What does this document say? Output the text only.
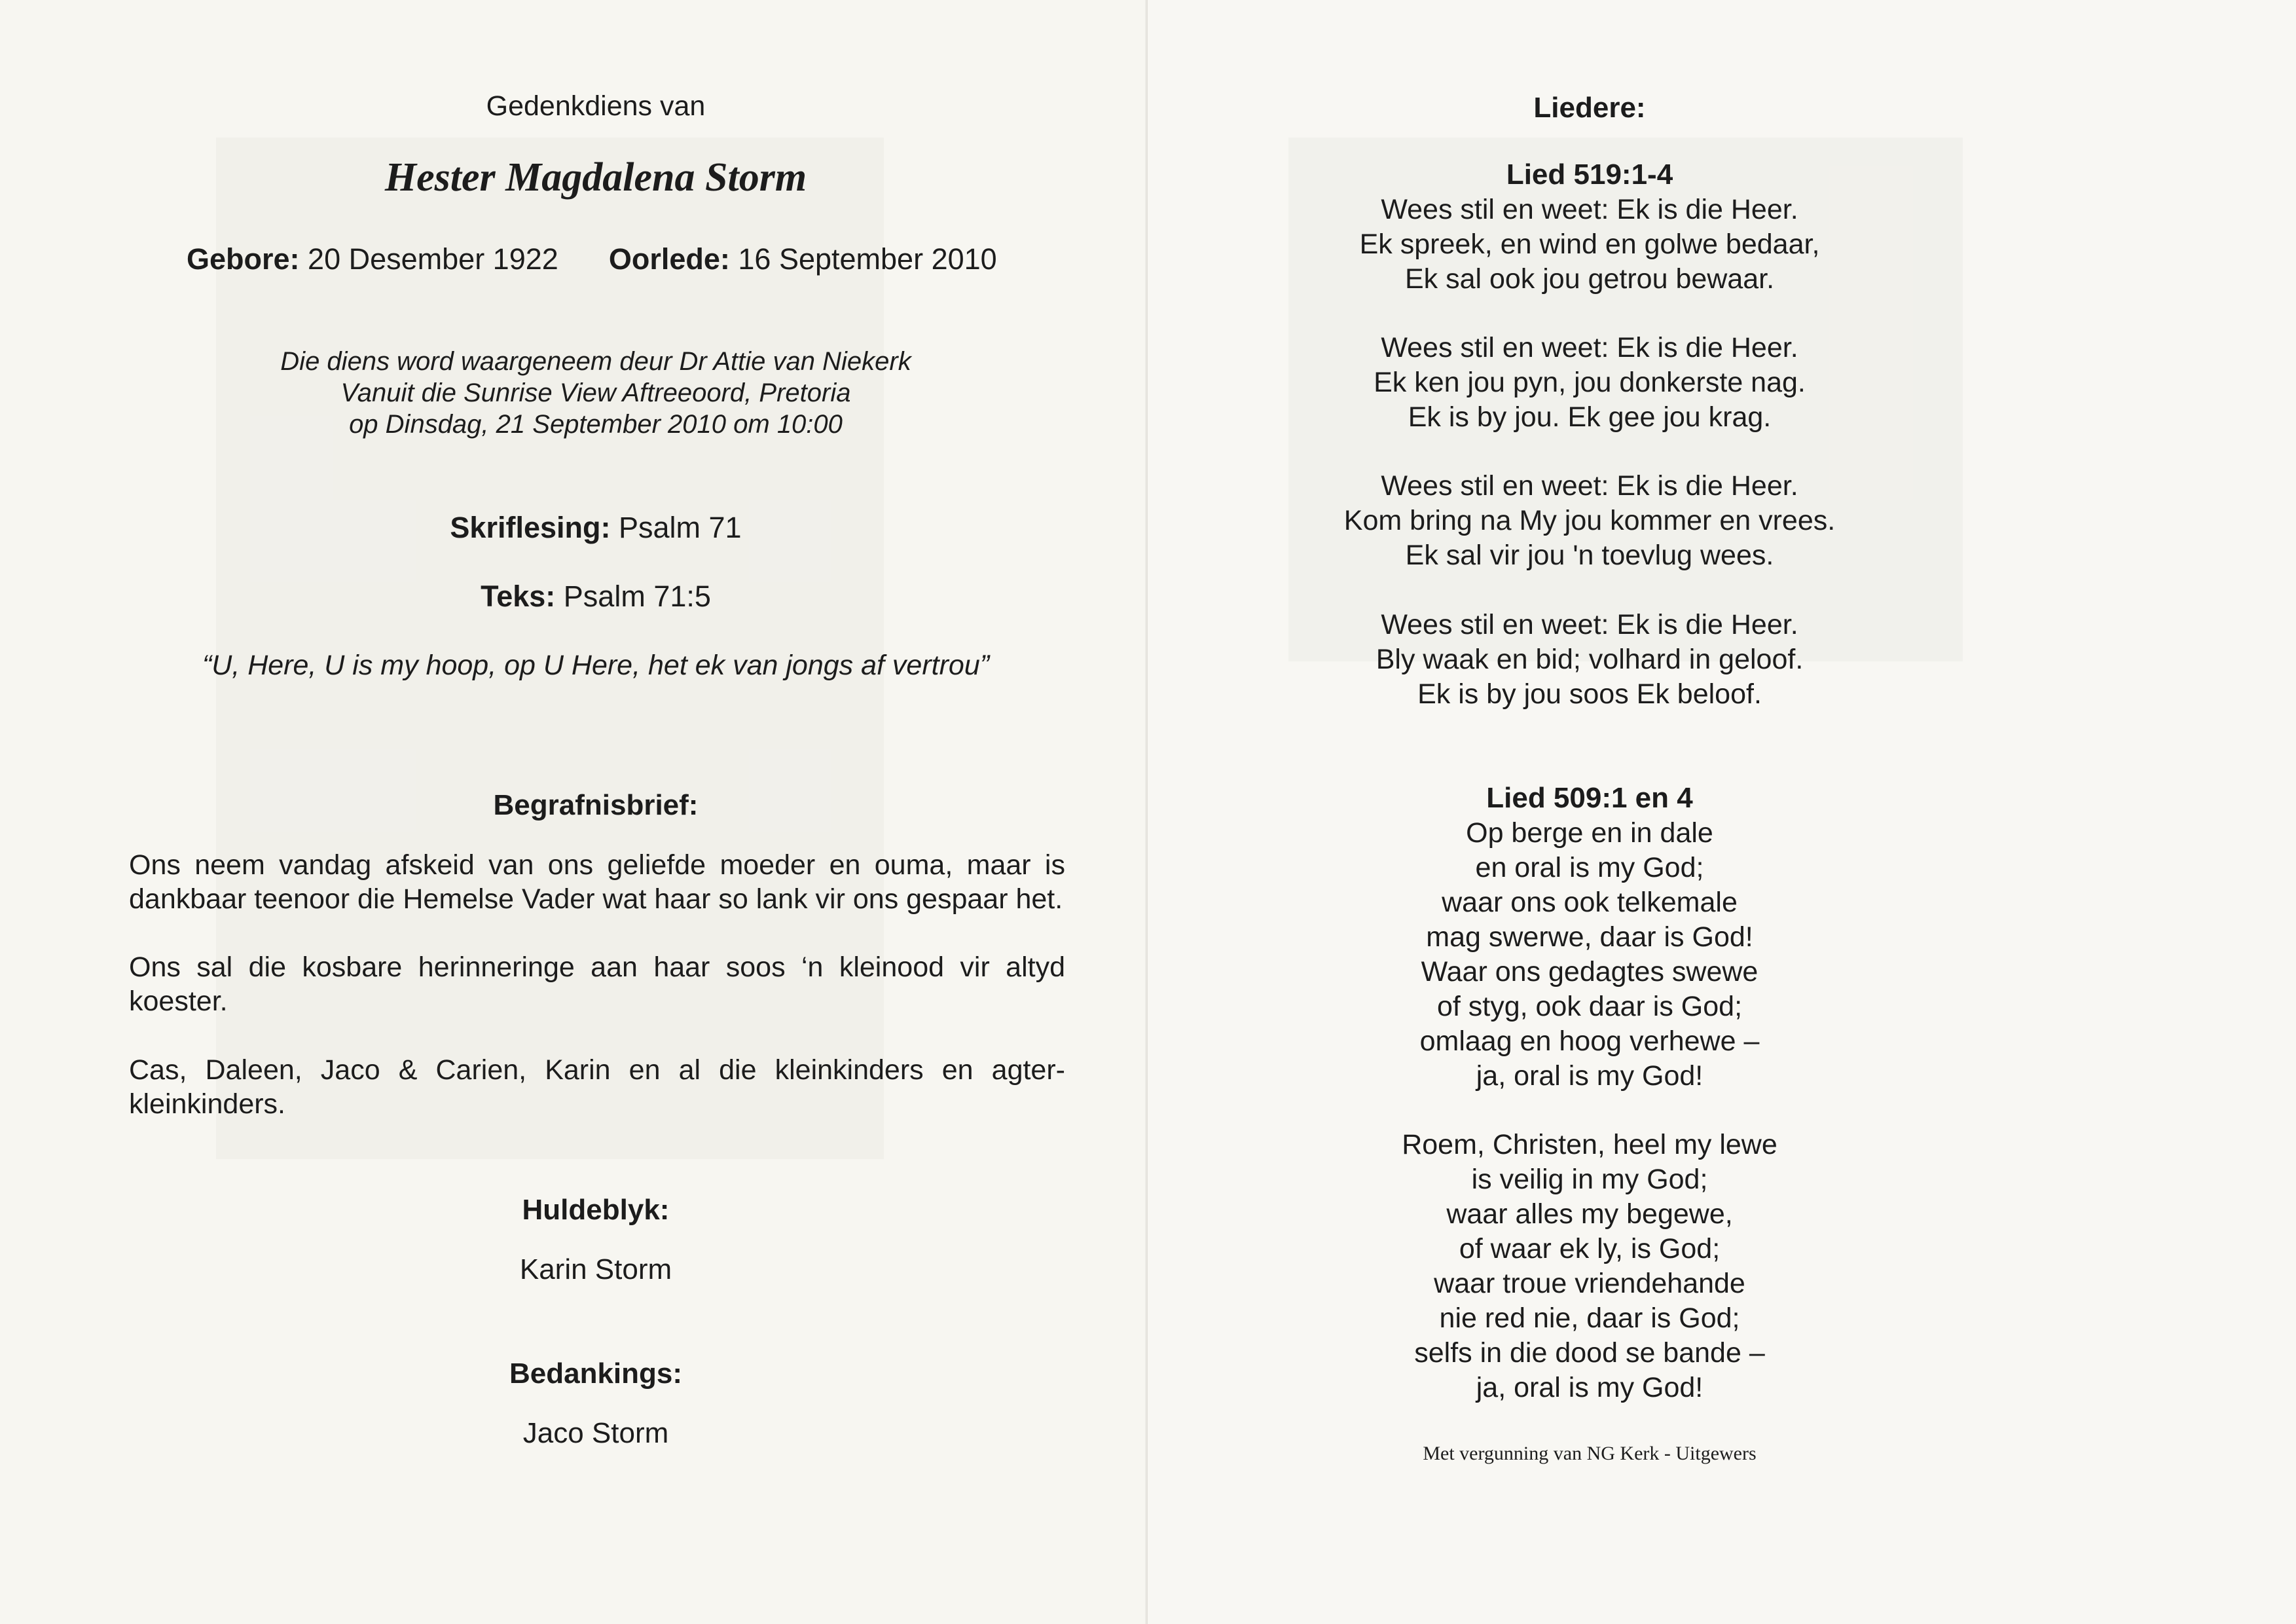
Gedenkdiens van
Hester Magdalena Storm
Gebore: 20 Desember 1922 Oorlede: 16 September 2010
Die diens word waargeneem deur Dr Attie van Niekerk
Vanuit die Sunrise View Aftreeoord, Pretoria
op Dinsdag, 21 September 2010 om 10:00
Skriflesing: Psalm 71
Teks: Psalm 71:5
“U, Here, U is my hoop, op U Here, het ek van jongs af vertrou”
Begrafnisbrief:
Ons neem vandag afskeid van ons geliefde moeder en ouma, maar is dankbaar teenoor die Hemelse Vader wat haar so lank vir ons gespaar het.
Ons sal die kosbare herinneringe aan haar soos ‘n kleinood vir altyd koester.
Cas, Daleen, Jaco & Carien, Karin en al die kleinkinders en agter-kleinkinders.
Huldeblyk:
Karin Storm
Bedankings:
Jaco Storm
Liedere:
Lied 519:1-4
Wees stil en weet: Ek is die Heer.
Ek spreek, en wind en golwe bedaar,
Ek sal ook jou getrou bewaar.
Wees stil en weet: Ek is die Heer.
Ek ken jou pyn, jou donkerste nag.
Ek is by jou. Ek gee jou krag.
Wees stil en weet: Ek is die Heer.
Kom bring na My jou kommer en vrees.
Ek sal vir jou 'n toevlug wees.
Wees stil en weet: Ek is die Heer.
Bly waak en bid; volhard in geloof.
Ek is by jou soos Ek beloof.
Lied 509:1 en 4
Op berge en in dale
en oral is my God;
waar ons ook telkemale
mag swerwe, daar is God!
Waar ons gedagtes swewe
of styg, ook daar is God;
omlaag en hoog verhewe –
ja, oral is my God!
Roem, Christen, heel my lewe
is veilig in my God;
waar alles my begewe,
of waar ek ly, is God;
waar troue vriendehande
nie red nie, daar is God;
selfs in die dood se bande –
ja, oral is my God!
Met vergunning van NG Kerk - Uitgewers
